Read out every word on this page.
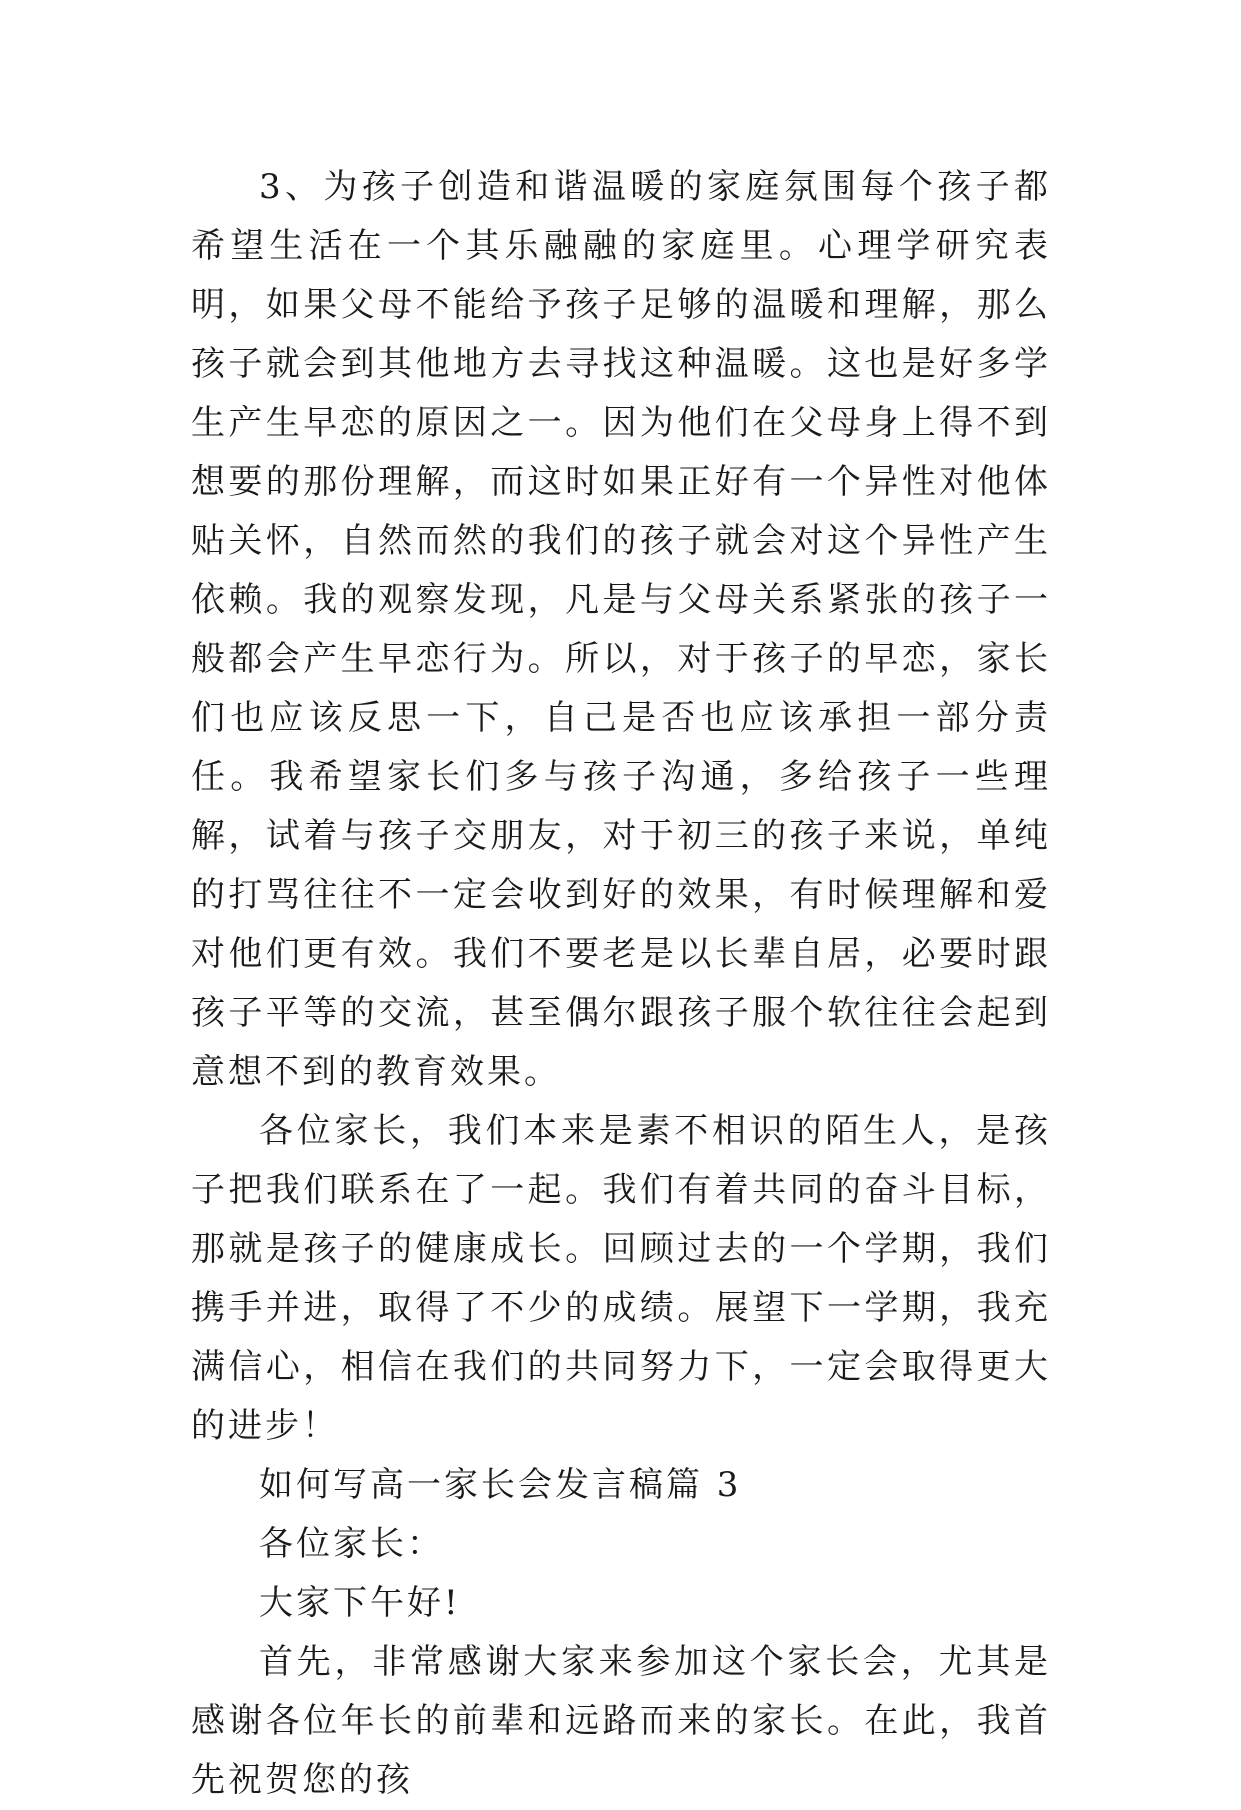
3、为孩子创造和谐温暖的家庭氛围每个孩子都希望生活在一个其乐融融的家庭里。心理学研究表明，如果父母不能给予孩子足够的温暖和理解，那么孩子就会到其他地方去寻找这种温暖。这也是好多学生产生早恋的原因之一。因为他们在父母身上得不到想要的那份理解，而这时如果正好有一个异性对他体贴关怀，自然而然的我们的孩子就会对这个异性产生依赖。我的观察发现，凡是与父母关系紧张的孩子一般都会产生早恋行为。所以，对于孩子的早恋，家长们也应该反思一下，自己是否也应该承担一部分责任。我希望家长们多与孩子沟通，多给孩子一些理解，试着与孩子交朋友，对于初三的孩子来说，单纯的打骂往往不一定会收到好的效果，有时候理解和爱对他们更有效。我们不要老是以长辈自居，必要时跟孩子平等的交流，甚至偶尔跟孩子服个软往往会起到意想不到的教育效果。

各位家长，我们本来是素不相识的陌生人，是孩子把我们联系在了一起。我们有着共同的奋斗目标，那就是孩子的健康成长。回顾过去的一个学期，我们携手并进，取得了不少的成绩。展望下一学期，我充满信心，相信在我们的共同努力下，一定会取得更大的进步！

如何写高一家长会发言稿篇 3

各位家长：

大家下午好!

首先，非常感谢大家来参加这个家长会，尤其是感谢各位年长的前辈和远路而来的家长。在此，我首先祝贺您的孩
